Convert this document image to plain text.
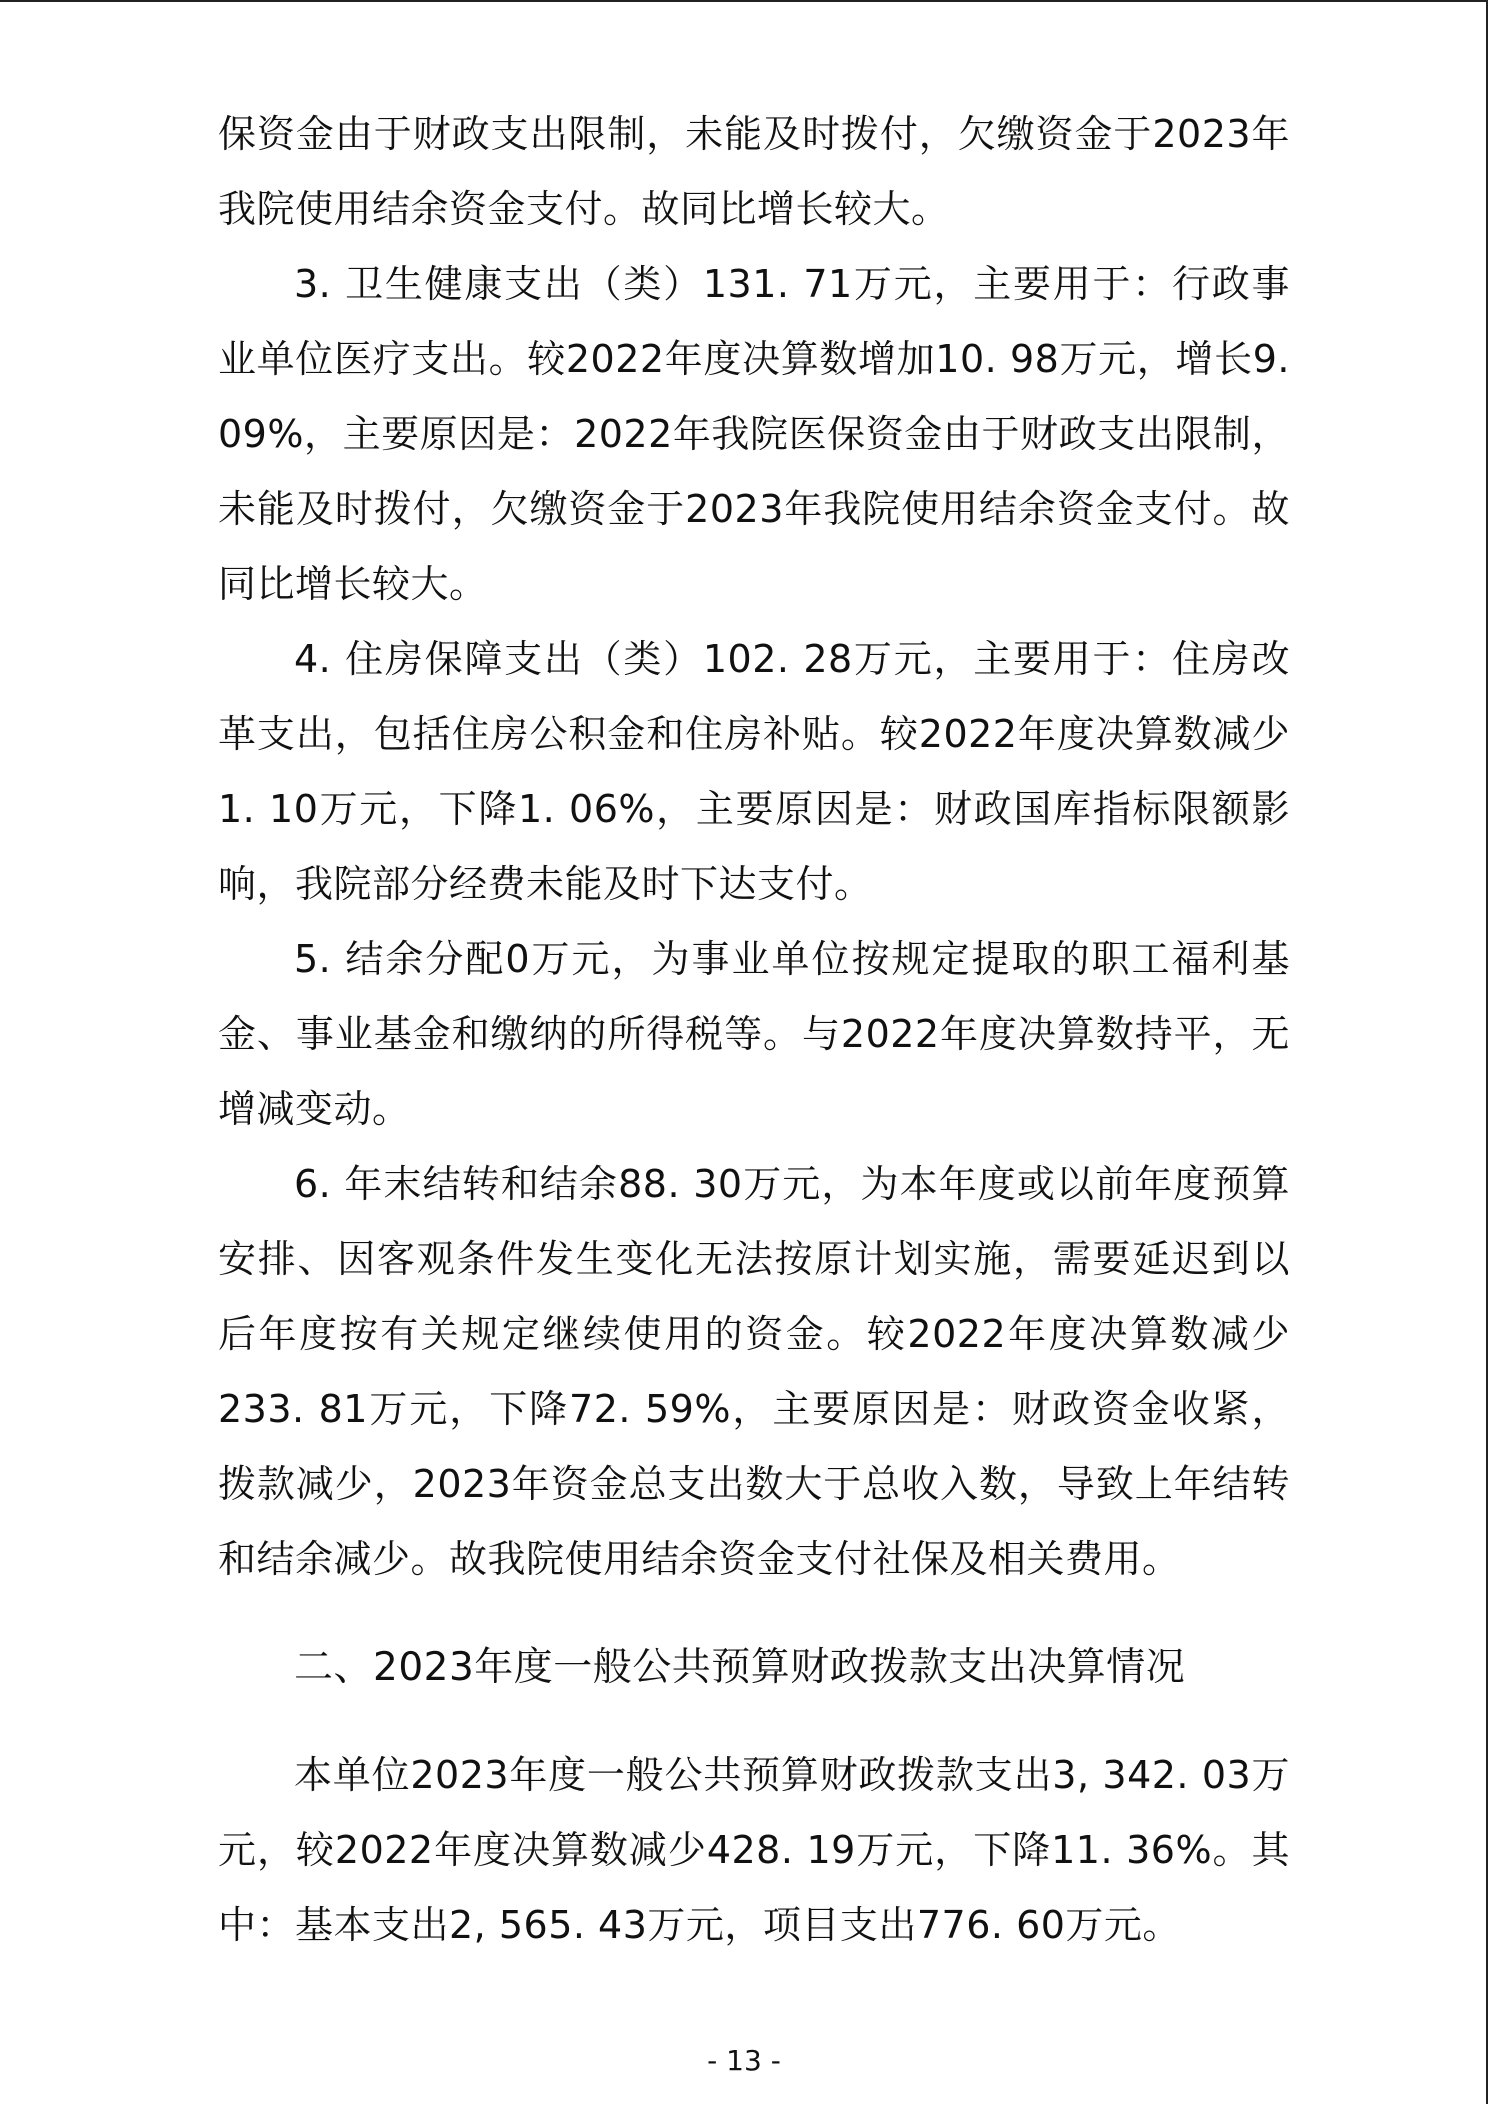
保资金由于财政支出限制，未能及时拨付，欠缴资金于2023年我院使用结余资金支付。故同比增长较大。

3. 卫生健康支出（类）131. 71万元，主要用于：行政事业单位医疗支出。较2022年度决算数增加10. 98万元，增长9. 09%，主要原因是：2022年我院医保资金由于财政支出限制，未能及时拨付，欠缴资金于2023年我院使用结余资金支付。故同比增长较大。

4. 住房保障支出（类）102. 28万元，主要用于：住房改革支出，包括住房公积金和住房补贴。较2022年度决算数减少1. 10万元，下降1. 06%，主要原因是：财政国库指标限额影响，我院部分经费未能及时下达支付。

5. 结余分配0万元，为事业单位按规定提取的职工福利基金、事业基金和缴纳的所得税等。与2022年度决算数持平，无增减变动。

6. 年末结转和结余88. 30万元，为本年度或以前年度预算安排、因客观条件发生变化无法按原计划实施，需要延迟到以后年度按有关规定继续使用的资金。较2022年度决算数减少233. 81万元，下降72. 59%，主要原因是：财政资金收紧，拨款减少，2023年资金总支出数大于总收入数，导致上年结转和结余减少。故我院使用结余资金支付社保及相关费用。

二、2023年度一般公共预算财政拨款支出决算情况

本单位2023年度一般公共预算财政拨款支出3, 342. 03万元，较2022年度决算数减少428. 19万元，下降11. 36%。其中：基本支出2, 565. 43万元，项目支出776. 60万元。

- 13 -
